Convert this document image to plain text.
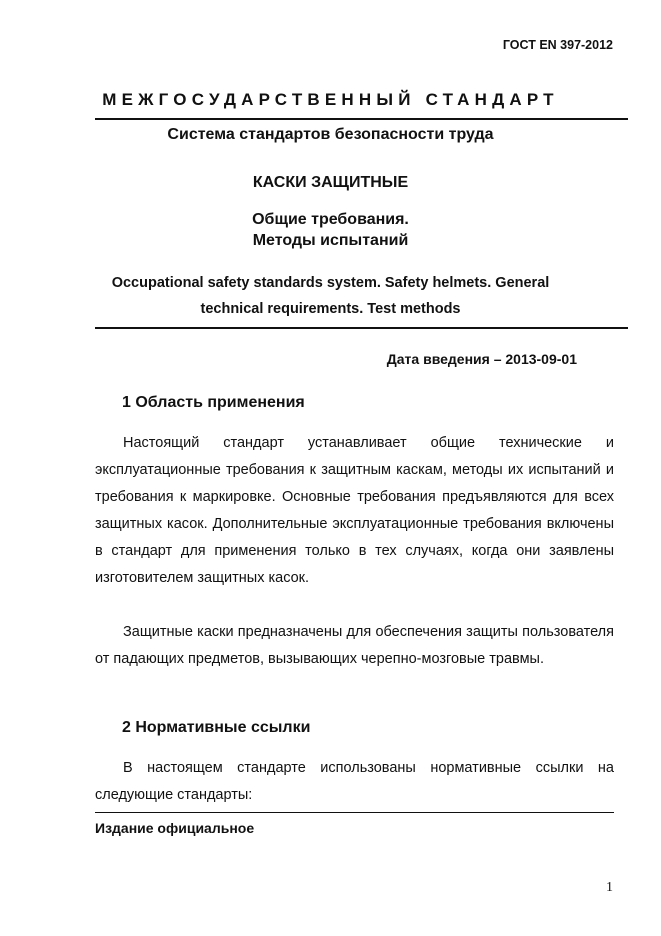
ГОСТ EN 397-2012
МЕЖГОСУДАРСТВЕННЫЙ СТАНДАРТ
Система стандартов безопасности труда
КАСКИ ЗАЩИТНЫЕ
Общие требования.
Методы испытаний
Occupational safety standards system. Safety helmets. General
technical requirements. Test methods
Дата введения – 2013-09-01
1 Область применения

Настоящий стандарт устанавливает общие технические и эксплуатационные требования к защитным каскам, методы их испытаний и требования к маркировке. Основные требования предъявляются для всех защитных касок. Дополнительные эксплуатационные требования включены в стандарт для применения только в тех случаях, когда они заявлены изготовителем защитных касок.

Защитные каски предназначены для обеспечения защиты пользователя от падающих предметов, вызывающих черепно-мозговые травмы.

2 Нормативные ссылки

В настоящем стандарте использованы нормативные ссылки на следующие стандарты:

Издание официальное
1
